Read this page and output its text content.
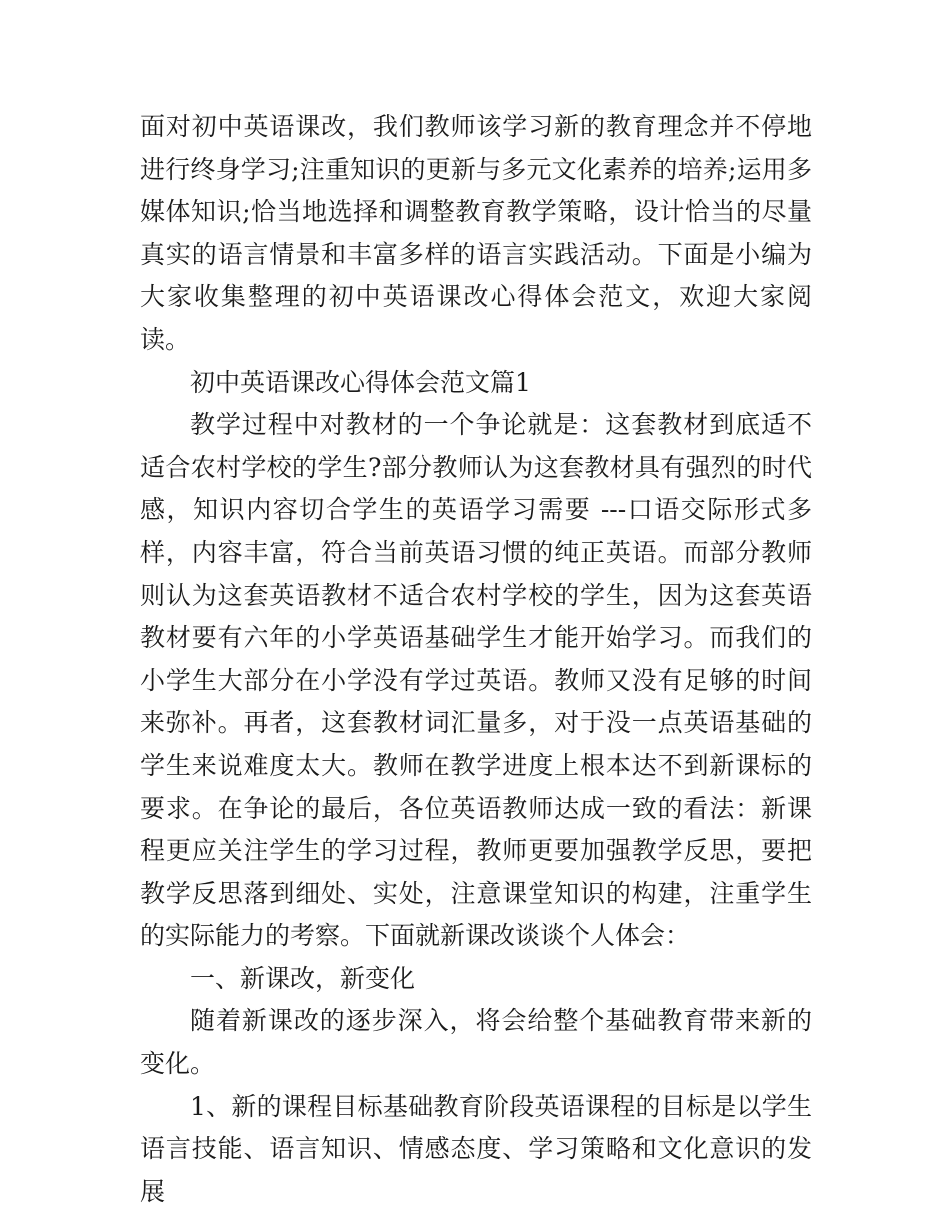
面对初中英语课改，我们教师该学习新的教育理念并不停地进行终身学习;注重知识的更新与多元文化素养的培养;运用多媒体知识;恰当地选择和调整教育教学策略，设计恰当的尽量真实的语言情景和丰富多样的语言实践活动。下面是小编为大家收集整理的初中英语课改心得体会范文，欢迎大家阅读。

初中英语课改心得体会范文篇1

教学过程中对教材的一个争论就是：这套教材到底适不适合农村学校的学生?部分教师认为这套教材具有强烈的时代感，知识内容切合学生的英语学习需要 ---口语交际形式多样，内容丰富，符合当前英语习惯的纯正英语。而部分教师则认为这套英语教材不适合农村学校的学生，因为这套英语教材要有六年的小学英语基础学生才能开始学习。而我们的小学生大部分在小学没有学过英语。教师又没有足够的时间来弥补。再者，这套教材词汇量多，对于没一点英语基础的学生来说难度太大。教师在教学进度上根本达不到新课标的要求。在争论的最后，各位英语教师达成一致的看法：新课程更应关注学生的学习过程，教师更要加强教学反思，要把教学反思落到细处、实处，注意课堂知识的构建，注重学生的实际能力的考察。下面就新课改谈谈个人体会：

一、新课改，新变化

随着新课改的逐步深入，将会给整个基础教育带来新的变化。

1、新的课程目标基础教育阶段英语课程的目标是以学生语言技能、语言知识、情感态度、学习策略和文化意识的发展
